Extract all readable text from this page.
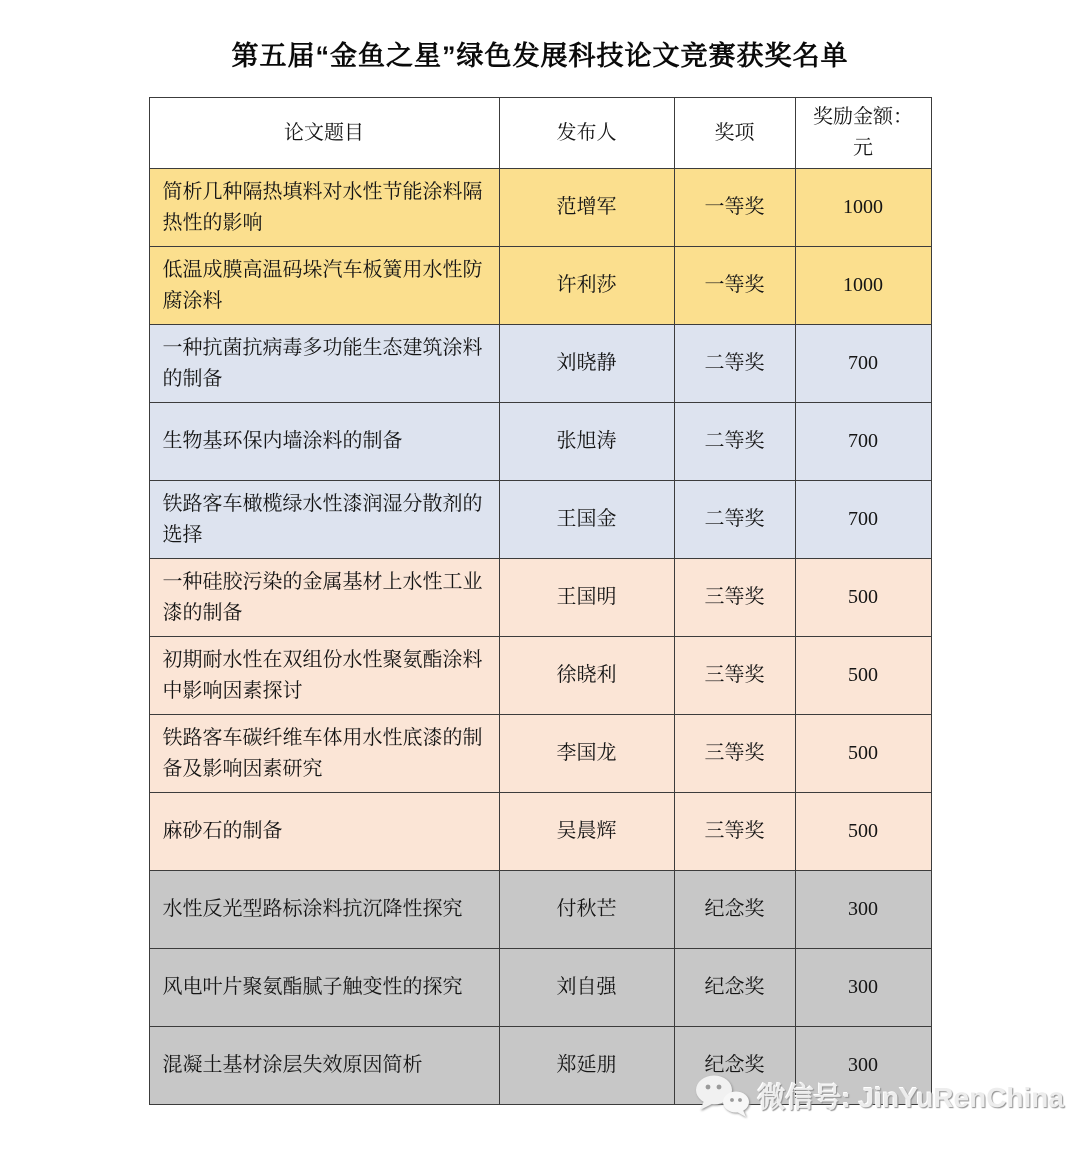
第五届“金鱼之星”绿色发展科技论文竞赛获奖名单
论文题目	发布人	奖项	奖励金额：元
简析几种隔热填料对水性节能涂料隔热性的影响	范增军	一等奖	1000
低温成膜高温码垛汽车板簧用水性防腐涂料	许利莎	一等奖	1000
一种抗菌抗病毒多功能生态建筑涂料的制备	刘晓静	二等奖	700
生物基环保内墙涂料的制备	张旭涛	二等奖	700
铁路客车橄榄绿水性漆润湿分散剂的选择	王国金	二等奖	700
一种硅胶污染的金属基材上水性工业漆的制备	王国明	三等奖	500
初期耐水性在双组份水性聚氨酯涂料中影响因素探讨	徐晓利	三等奖	500
铁路客车碳纤维车体用水性底漆的制备及影响因素研究	李国龙	三等奖	500
麻砂石的制备	吴晨辉	三等奖	500
水性反光型路标涂料抗沉降性探究	付秋芒	纪念奖	300
风电叶片聚氨酯腻子触变性的探究	刘自强	纪念奖	300
混凝土基材涂层失效原因简析	郑延朋	纪念奖	300
微信号: JinYuRenChina
